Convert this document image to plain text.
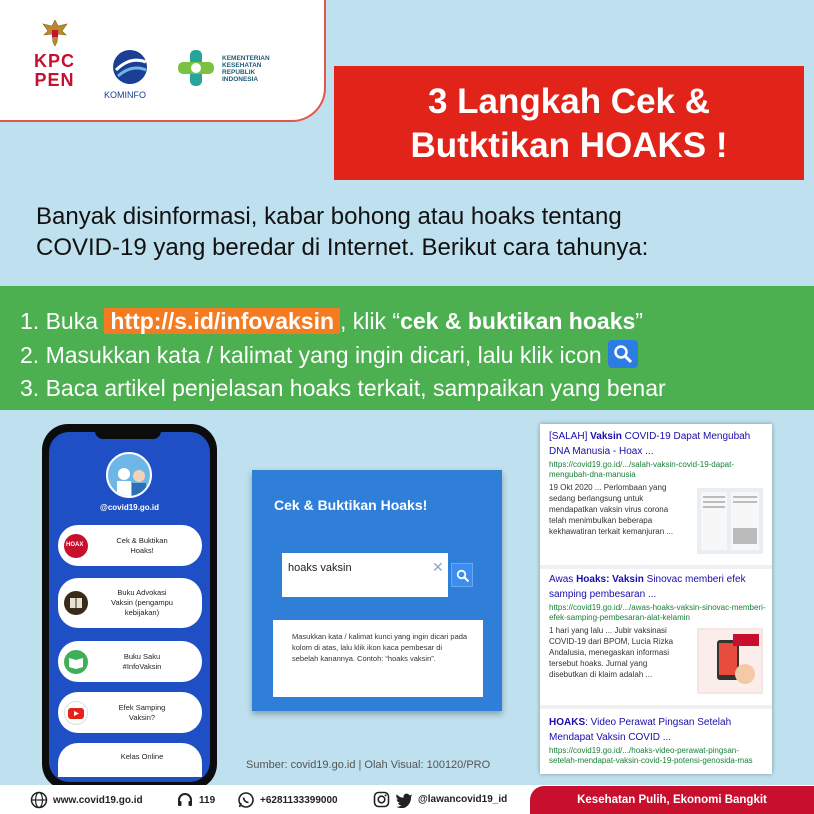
KPC
PEN
KOMINFO
KEMENTERIAN
KESEHATAN
REPUBLIK
INDONESIA
3 Langkah Cek &
Butktikan HOAKS !
Banyak disinformasi, kabar bohong atau hoaks tentang
COVID-19 yang beredar di Internet. Berikut cara tahunya:
1. Buka http://s.id/infovaksin , klik “cek & buktikan hoaks”
2. Masukkan kata / kalimat yang ingin dicari, lalu klik icon
3. Baca artikel penjelasan hoaks terkait, sampaikan yang benar
@covid19.go.id
HOAX
Cek & Buktikan
Hoaks!
Buku Advokasi
Vaksin (pengampu
kebijakan)
Buku Saku
#InfoVaksin
Efek Samping
Vaksin?
Kelas Online
Cek & Buktikan Hoaks!
hoaks vaksin	✕
Masukkan kata / kalimat kunci yang ingin dicari pada kolom di atas, lalu klik ikon kaca pembesar di sebelah kanannya. Contoh: “hoaks vaksin”.
Sumber: covid19.go.id | Olah Visual: 100120/PRO
[SALAH] Vaksin COVID-19 Dapat Mengubah DNA Manusia - Hoax ...
https://covid19.go.id/.../salah-vaksin-covid-19-dapat-mengubah-dna-manusia
19 Okt 2020 ... Perlombaan yang
sedang berlangsung untuk
mendapatkan vaksin virus corona
telah menimbulkan beberapa
kekhawatiran terkait kemanjuran ...
Awas Hoaks: Vaksin Sinovac memberi efek samping pembesaran ...
https://covid19.go.id/.../awas-hoaks-vaksin-sinovac-memberi-efek-samping-pembesaran-alat-kelamin
1 hari yang lalu ... Jubir vaksinasi
COVID-19 dari BPOM, Lucia Rizka
Andalusia, menegaskan informasi
tersebut hoaks. Jurnal yang
disebutkan di klaim adalah ...
HOAKS: Video Perawat Pingsan Setelah Mendapat Vaksin COVID ...
https://covid19.go.id/.../hoaks-video-perawat-pingsan-setelah-mendapat-vaksin-covid-19-potensi-genosida-mas
www.covid19.go.id	119	+6281133399000	@lawancovid19_id	Kesehatan Pulih, Ekonomi Bangkit
